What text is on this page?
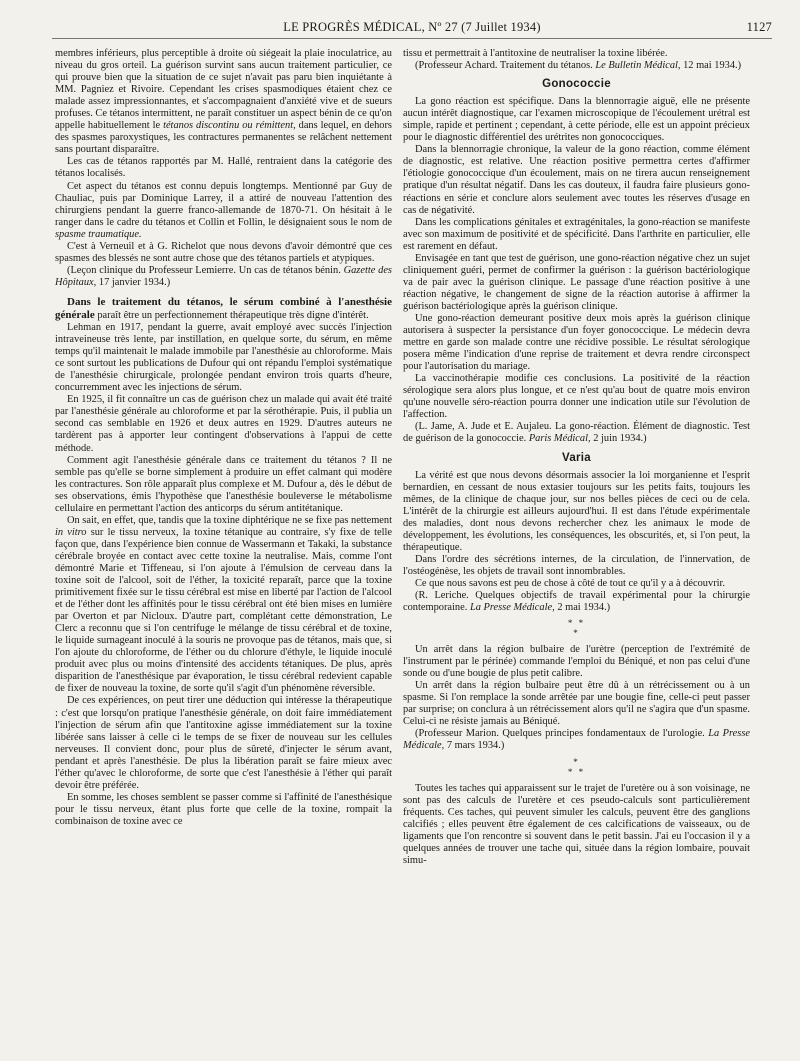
LE PROGRÈS MÉDICAL, Nº 27 (7 Juillet 1934)	1127

membres inférieurs, plus perceptible à droite où siégeait la plaie inoculatrice, au niveau du gros orteil. La guérison survint sans aucun traitement particulier, ce qui prouve bien que la situation de ce sujet n'avait pas paru bien inquiétante à MM. Pagniez et Rivoire. Cependant les crises spasmodiques étaient chez ce malade assez impressionnantes, et s'accompagnaient d'anxiété vive et de sueurs profuses. Ce tétanos intermittent, ne paraît constituer un aspect bénin de ce qu'on appelle habituellement le tétanos discontinu ou rémittent, dans lequel, en dehors des spasmes paroxystiques, les contractures permanentes se relâchent nettement sans pourtant disparaître.

Les cas de tétanos rapportés par M. Hallé, rentraient dans la catégorie des tétanos localisés.

Cet aspect du tétanos est connu depuis longtemps. Mentionné par Guy de Chauliac, puis par Dominique Larrey, il a attiré de nouveau l'attention des chirurgiens pendant la guerre franco-allemande de 1870-71. On hésitait à le ranger dans le cadre du tétanos et Collin et Follin, le désignaient sous le nom de spasme traumatique.

C'est à Verneuil et à G. Richelot que nous devons d'avoir démontré que ces spasmes des blessés ne sont autre chose que des tétanos partiels et atypiques.

(Leçon clinique du Professeur Lemierre. Un cas de tétanos bénin. Gazette des Hôpitaux, 17 janvier 1934.)

Dans le traitement du tétanos, le sérum combiné à l'anesthésie générale paraît être un perfectionnement thérapeutique très digne d'intérêt.

Lehman en 1917, pendant la guerre, avait employé avec succès l'injection intraveineuse très lente, par instillation, en quelque sorte, du sérum, en même temps qu'il maintenait le malade immobile par l'anesthésie au chloroforme. Mais ce sont surtout les publications de Dufour qui ont répandu l'emploi systématique de l'anesthésie chirurgicale, prolongée pendant environ trois quarts d'heure, concurremment avec les injections de sérum.

En 1925, il fit connaître un cas de guérison chez un malade qui avait été traité par l'anesthésie générale au chloroforme et par la sérothérapie. Puis, il publia un second cas semblable en 1926 et deux autres en 1929. D'autres auteurs ne tardèrent pas à apporter leur contingent d'observations à l'appui de cette méthode.

Comment agit l'anesthésie générale dans ce traitement du tétanos ? Il ne semble pas qu'elle se borne simplement à produire un effet calmant qui modère les contractures. Son rôle apparaît plus complexe et M. Dufour a, dès le début de ses observations, émis l'hypothèse que l'anesthésie bouleverse le métabolisme cellulaire en permettant l'action des anticorps du sérum antitétanique.

On sait, en effet, que, tandis que la toxine diphtérique ne se fixe pas nettement in vitro sur le tissu nerveux, la toxine tétanique au contraire, s'y fixe de telle façon que, dans l'expérience bien connue de Wassermann et Takaki, la substance cérébrale broyée en contact avec cette toxine la neutralise. Mais, comme l'ont démontré Marie et Tiffeneau, si l'on ajoute à l'émulsion de cerveau dans la toxine soit de l'alcool, soit de l'éther, la toxicité reparaît, parce que la toxine primitivement fixée sur le tissu cérébral est mise en liberté par l'action de l'alcool et de l'éther dont les affinités pour le tissu cérébral ont été bien mises en lumière par Overton et par Nicloux. D'autre part, complétant cette démonstration, Le Clerc a reconnu que si l'on centrifuge le mélange de tissu cérébral et de toxine, le liquide surnageant inoculé à la souris ne provoque pas de tétanos, mais que, si l'on ajoute du chloroforme, de l'éther ou du chlorure d'éthyle, le liquide inoculé produit avec plus ou moins d'intensité des accidents tétaniques. De plus, après disparition de l'anesthésique par évaporation, le tissu cérébral redevient capable de fixer de nouveau la toxine, de sorte qu'il s'agit d'un phénomène réversible.

De ces expériences, on peut tirer une déduction qui intéresse la thérapeutique : c'est que lorsqu'on pratique l'anesthésie générale, on doit faire immédiatement l'injection de sérum afin que l'antitoxine agisse immédiatement sur la toxine libérée sans laisser à celle ci le temps de se fixer de nouveau sur les cellules nerveuses. Il convient donc, pour plus de sûreté, d'injecter le sérum avant, pendant et après l'anesthésie. De plus la libération paraît se faire mieux avec l'éther qu'avec le chloroforme, de sorte que c'est l'anesthésie à l'éther qui paraît devoir être préférée.

En somme, les choses semblent se passer comme si l'affinité de l'anesthésique pour le tissu nerveux, étant plus forte que celle de la toxine, rompait la combinaison de toxine avec ce

tissu et permettrait à l'antitoxine de neutraliser la toxine libérée.

(Professeur Achard. Traitement du tétanos. Le Bulletin Médical, 12 mai 1934.)

Gonococcie

La gono réaction est spécifique. Dans la blennorragie aiguë, elle ne présente aucun intérêt diagnostique, car l'examen microscopique de l'écoulement urétral est simple, rapide et pertinent ; cependant, à cette période, elle est un appoint précieux pour le diagnostic différentiel des urétrites non gonococciques.

Dans la blennorragie chronique, la valeur de la gono réaction, comme élément de diagnostic, est relative. Une réaction positive permettra certes d'affirmer l'étiologie gonococcique d'un écoulement, mais on ne tirera aucun renseignement pratique d'un résultat négatif. Dans les cas douteux, il faudra faire plusieurs gono-réactions en série et conclure alors seulement avec toutes les réserves d'usage en cas de négativité.

Dans les complications génitales et extragénitales, la gono-réaction se manifeste avec son maximum de positivité et de spécificité. Dans l'arthrite en particulier, elle est rarement en défaut.

Envisagée en tant que test de guérison, une gono-réaction négative chez un sujet cliniquement guéri, permet de confirmer la guérison : la guérison bactériologique va de pair avec la guérison clinique. Le passage d'une réaction positive à une réaction négative, le changement de signe de la réaction autorise à affirmer la guérison bactériologique après la guérison clinique.

Une gono-réaction demeurant positive deux mois après la guérison clinique autorisera à suspecter la persistance d'un foyer gonococcique. Le médecin devra mettre en garde son malade contre une récidive possible. Le résultat sérologique posera même l'indication d'une reprise de traitement et devra rendre circonspect pour l'autorisation du mariage.

La vaccinothérapie modifie ces conclusions. La positivité de la réaction sérologique sera alors plus longue, et ce n'est qu'au bout de quatre mois environ qu'une nouvelle séro-réaction pourra donner une indication utile sur l'évolution de l'affection.

(L. Jame, A. Jude et E. Aujaleu. La gono-réaction. Élément de diagnostic. Test de guérison de la gonococcie. Paris Médical, 2 juin 1934.)

Varia

La vérité est que nous devons désormais associer la loi morganienne et l'esprit bernardien, en cessant de nous extasier toujours sur les petits faits, toujours les mêmes, de la clinique de chaque jour, sur nos belles pièces de ceci ou de cela. L'intérêt de la chirurgie est ailleurs aujourd'hui. Il est dans l'étude expérimentale des maladies, dont nous devons rechercher chez les animaux le mode de développement, les évolutions, les conséquences, les obscurités, et, si l'on peut, la thérapeutique.

Dans l'ordre des sécrétions internes, de la circulation, de l'innervation, de l'ostéogénèse, les objets de travail sont innombrables.

Ce que nous savons est peu de chose à côté de tout ce qu'il y a à découvrir.

(R. Leriche. Quelques objectifs de travail expérimental pour la chirurgie contemporaine. La Presse Médicale, 2 mai 1934.)

* *
*

Un arrêt dans la région bulbaire de l'urètre (perception de l'extrémité de l'instrument par le périnée) commande l'emploi du Béniqué, et non pas celui d'une sonde ou d'une bougie de plus petit calibre.

Un arrêt dans la région bulbaire peut être dû à un rétrécissement ou à un spasme. Si l'on remplace la sonde arrêtée par une bougie fine, celle-ci peut passer par surprise; on conclura à un rétrécissement alors qu'il ne s'agira que d'un spasme. Celui-ci ne résiste jamais au Béniqué.

(Professeur Marion. Quelques principes fondamentaux de l'urologie. La Presse Médicale, 7 mars 1934.)

*
* *

Toutes les taches qui apparaissent sur le trajet de l'uretère ou à son voisinage, ne sont pas des calculs de l'uretère et ces pseudo-calculs sont particulièrement fréquents. Ces taches, qui peuvent simuler les calculs, peuvent être des ganglions calcifiés ; elles peuvent être également de ces calcifications de vaisseaux, ou de ligaments que l'on rencontre si souvent dans le petit bassin. J'ai eu l'occasion il y a quelques années de trouver une tache qui, située dans la région lombaire, pouvait simu-
